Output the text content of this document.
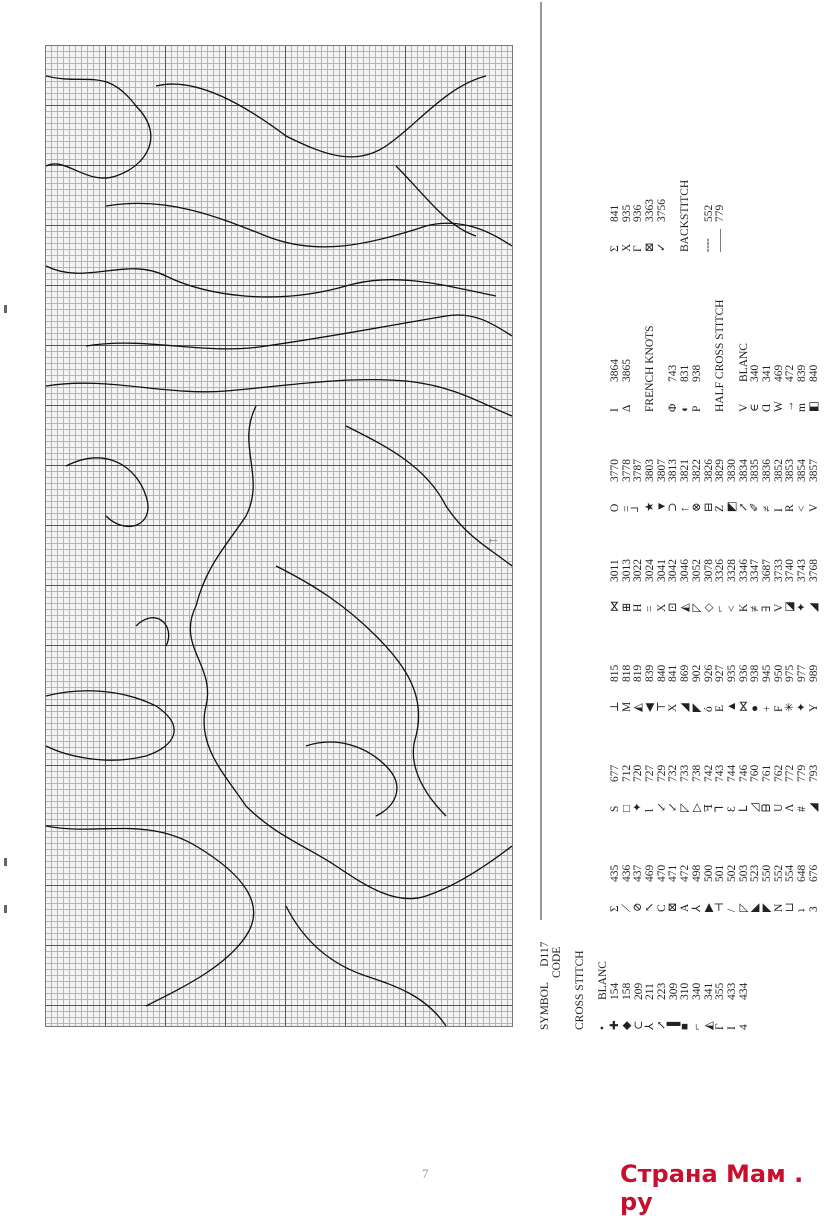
←
SYMBOL  D117 CODE CROSS STITCH •BLANC
✚154
◆158
⊂209
⅄211
↗223
▐309
■310
⌐340
◭341
Γ355
I433
4434
Σ435
⟋436
⊘437
↖469
C470
⊠471
A472
⅄498
▶500
⊣501
/502
◸503
◣523
◤550
N552
⊔554
ʇ648
3676
S677
□712
✦720
Ɩ727
↙729
↙732
◸733
▷738
ꟻ742
⅂743
Ɛ744
ᒪ746
◿760
ᗷ761
U762
Λ772
#779
◢793
⊥815
M818
◭819
◀839
⊤840
X841
◢869
◤902
ó926
E927
▲935
⋈936
●938
+945
F950
✳975
✦977
Y989
⋈3011
⊞3013
H3022
=3024
X3041
⊡3042
◭3046
◸3052
◇3078
⌐3326
<3328
K3346
≢3347
∃3687
V3733
◪3740
✦3743
◢3768
O3770
=3778
┘3787
★3803
▼3807
⊃3813
↑3821
⊗3822
⊟3826
Z3829
◩3830
↗3834
✐3835
≠3836
I3852
R3853
<3854
V3857
I3864
Δ3865 FRENCH KNOTS Φ743
◐831
P938 HALF CROSS STITCH VBLANC
∈340
Ɑ341
W469
→472
m839
◧840
Σ841
X935
Γ936
⊠3363
✓3756 BACKSTITCH ╌╌552
——779
7	Страна Мам . ру
